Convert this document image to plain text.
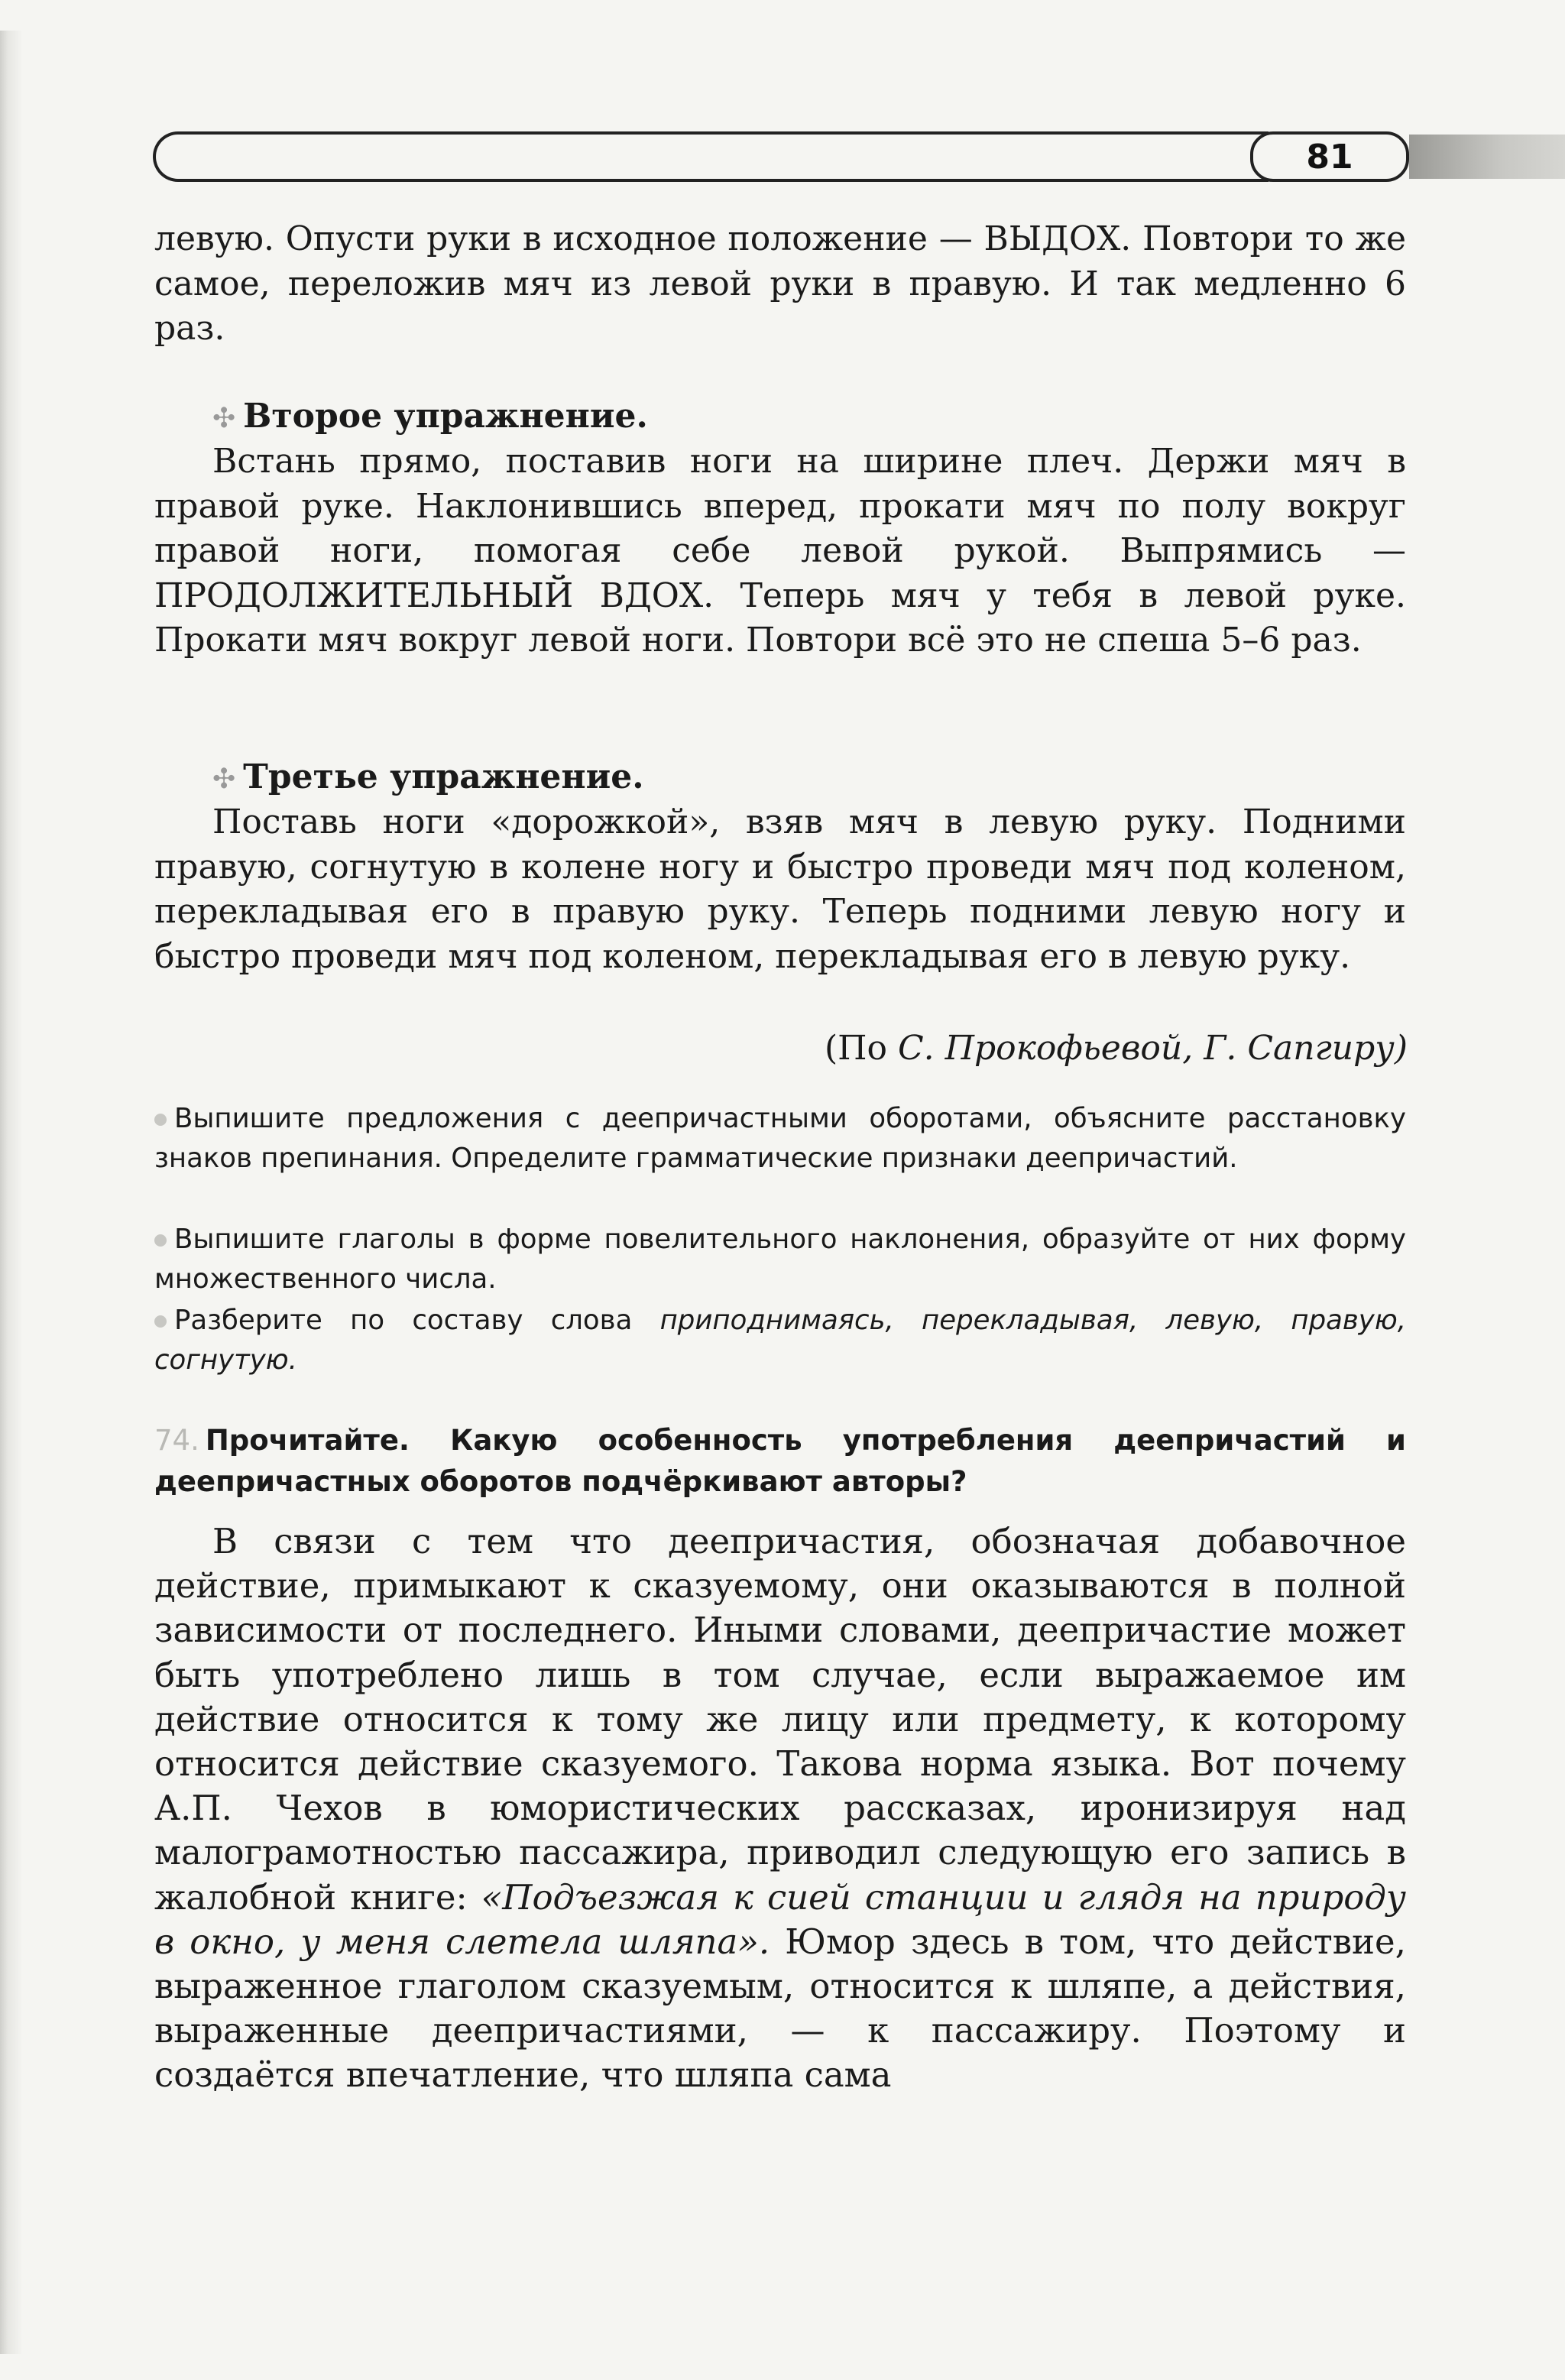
81

левую. Опусти руки в исходное положение — ВЫДОХ. Повтори то же самое, переложив мяч из левой руки в правую. И так медленно 6 раз.

✣ Второе упражнение.

Встань прямо, поставив ноги на ширине плеч. Держи мяч в правой руке. Наклонившись вперед, прокати мяч по полу вокруг правой ноги, помогая себе левой рукой. Выпрямись — ПРОДОЛЖИТЕЛЬНЫЙ ВДОХ. Теперь мяч у тебя в левой руке. Прокати мяч вокруг левой ноги. Повтори всё это не спеша 5–6 раз.

✣ Третье упражнение.

Поставь ноги «дорожкой», взяв мяч в левую руку. Подними правую, согнутую в колене ногу и быстро проведи мяч под коленом, перекладывая его в правую руку. Теперь подними левую ногу и быстро проведи мяч под коленом, перекладывая его в левую руку.

(По С. Прокофьевой, Г. Сапгиру)

Выпишите предложения с деепричастными оборотами, объясните расстановку знаков препинания. Определите грамматические признаки деепричастий.

Выпишите глаголы в форме повелительного наклонения, образуйте от них форму множественного числа.

Разберите по составу слова приподнимаясь, перекладывая, левую, правую, согнутую.

74. Прочитайте. Какую особенность употребления деепричастий и деепричастных оборотов подчёркивают авторы?

В связи с тем что деепричастия, обозначая добавочное действие, примыкают к сказуемому, они оказываются в полной зависимости от последнего. Иными словами, деепричастие может быть употреблено лишь в том случае, если выражаемое им действие относится к тому же лицу или предмету, к которому относится действие сказуемого. Такова норма языка. Вот почему А.П. Чехов в юмористических рассказах, иронизируя над малограмотностью пассажира, приводил следующую его запись в жалобной книге: «Подъезжая к сией станции и глядя на природу в окно, у меня слетела шляпа». Юмор здесь в том, что действие, выраженное глаголом сказуемым, относится к шляпе, а действия, выраженные деепричастиями, — к пассажиру. Поэтому и создаётся впечатление, что шляпа сама
